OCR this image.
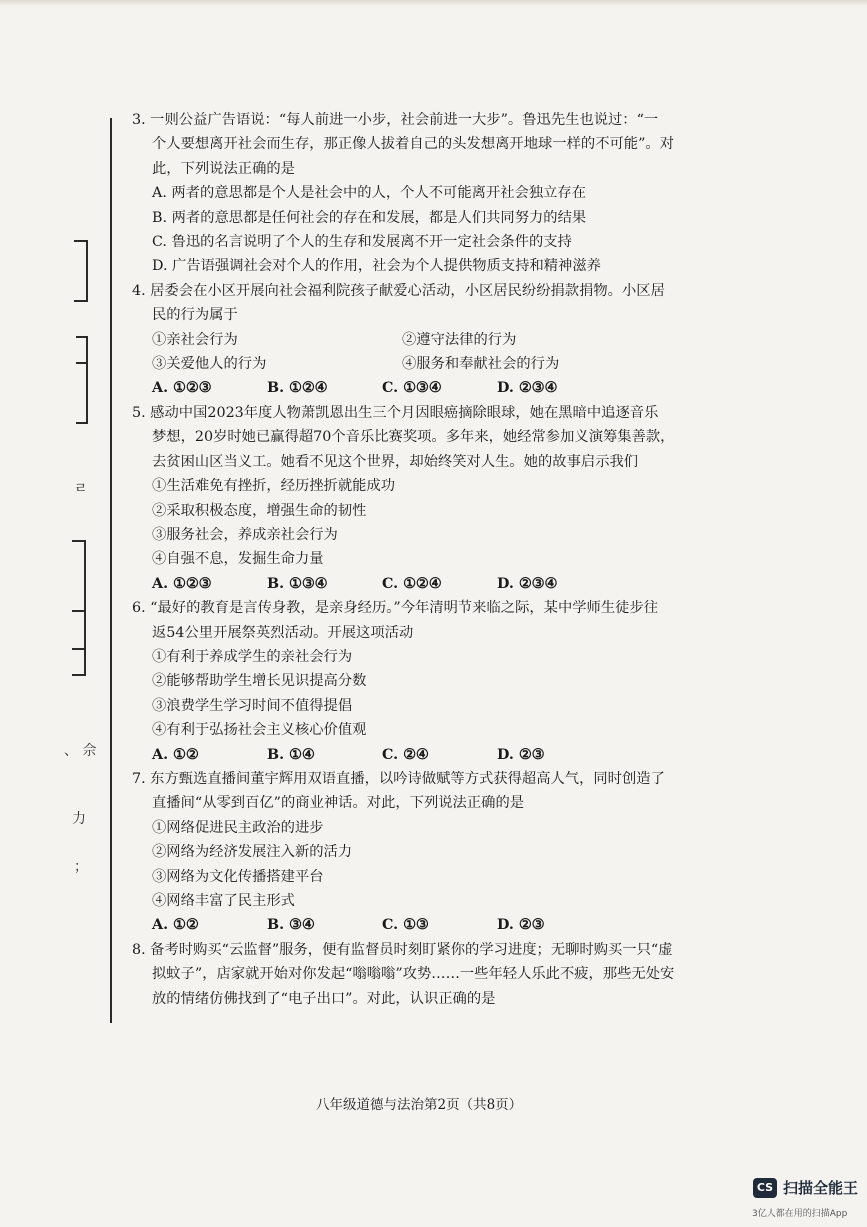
ㄹ
、 佘
力
；

3. 一则公益广告语说：“每人前进一小步，社会前进一大步”。鲁迅先生也说过：“一

个人要想离开社会而生存，那正像人拔着自己的头发想离开地球一样的不可能”。对

此，下列说法正确的是

A. 两者的意思都是个人是社会中的人，个人不可能离开社会独立存在

B. 两者的意思都是任何社会的存在和发展，都是人们共同努力的结果

C. 鲁迅的名言说明了个人的生存和发展离不开一定社会条件的支持

D. 广告语强调社会对个人的作用，社会为个人提供物质支持和精神滋养

4. 居委会在小区开展向社会福利院孩子献爱心活动，小区居民纷纷捐款捐物。小区居

民的行为属于

①亲社会行为	②遵守法律的行为
③关爱他人的行为	④服务和奉献社会的行为
A. ①②③	B. ①②④	C. ①③④	D. ②③④

5. 感动中国2023年度人物萧凯恩出生三个月因眼癌摘除眼球，她在黑暗中追逐音乐

梦想，20岁时她已赢得超70个音乐比赛奖项。多年来，她经常参加义演筹集善款，

去贫困山区当义工。她看不见这个世界，却始终笑对人生。她的故事启示我们

①生活难免有挫折，经历挫折就能成功

②采取积极态度，增强生命的韧性

③服务社会，养成亲社会行为

④自强不息，发掘生命力量

A. ①②③	B. ①③④	C. ①②④	D. ②③④

6. “最好的教育是言传身教，是亲身经历。”今年清明节来临之际，某中学师生徒步往

返54公里开展祭英烈活动。开展这项活动

①有利于养成学生的亲社会行为

②能够帮助学生增长见识提高分数

③浪费学生学习时间不值得提倡

④有利于弘扬社会主义核心价值观

A. ①②	B. ①④	C. ②④	D. ②③

7. 东方甄选直播间董宇辉用双语直播，以吟诗做赋等方式获得超高人气，同时创造了

直播间“从零到百亿”的商业神话。对此，下列说法正确的是

①网络促进民主政治的进步

②网络为经济发展注入新的活力

③网络为文化传播搭建平台

④网络丰富了民主形式

A. ①②	B. ③④	C. ①③	D. ②③

8. 备考时购买“云监督”服务，便有监督员时刻盯紧你的学习进度；无聊时购买一只“虚

拟蚊子”，店家就开始对你发起“嗡嗡嗡”攻势……一些年轻人乐此不疲，那些无处安

放的情绪仿佛找到了“电子出口”。对此，认识正确的是

八年级道德与法治第2页（共8页）
CS 扫描全能王
3亿人都在用的扫描App
